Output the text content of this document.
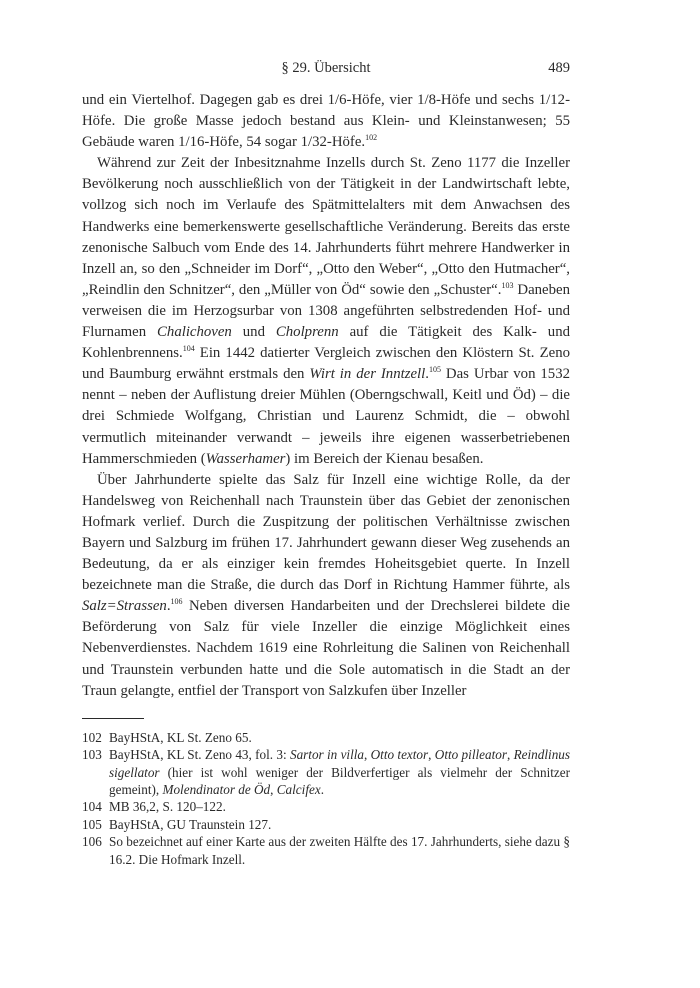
§ 29. Übersicht	489

und ein Viertelhof. Dagegen gab es drei 1/6-Höfe, vier 1/8-Höfe und sechs 1/12-Höfe. Die große Masse jedoch bestand aus Klein- und Kleinstanwesen; 55 Gebäude waren 1/16-Höfe, 54 sogar 1/32-Höfe.$^{102}$

Während zur Zeit der Inbesitznahme Inzells durch St. Zeno 1177 die Inzeller Bevölkerung noch ausschließlich von der Tätigkeit in der Landwirtschaft lebte, vollzog sich noch im Verlaufe des Spätmittelalters mit dem Anwachsen des Handwerks eine bemerkenswerte gesellschaftliche Veränderung. Bereits das erste zenonische Salbuch vom Ende des 14. Jahrhunderts führt mehrere Handwerker in Inzell an, so den „Schneider im Dorf“, „Otto den Weber“, „Otto den Hutmacher“, „Reindlin den Schnitzer“, den „Müller von Öd“ sowie den „Schuster“.$^{103}$ Daneben verweisen die im Herzogsurbar von 1308 angeführten selbstredenden Hof- und Flurnamen Chalichoven und Cholprenn auf die Tätigkeit des Kalk- und Kohlenbrennens.$^{104}$ Ein 1442 datierter Vergleich zwischen den Klöstern St. Zeno und Baumburg erwähnt erstmals den Wirt in der Inntzell.$^{105}$ Das Urbar von 1532 nennt – neben der Auflistung dreier Mühlen (Oberngschwall, Keitl und Öd) – die drei Schmiede Wolfgang, Christian und Laurenz Schmidt, die – obwohl vermutlich miteinander verwandt – jeweils ihre eigenen wasserbetriebenen Hammerschmieden (Wasserhamer) im Bereich der Kienau besaßen.

Über Jahrhunderte spielte das Salz für Inzell eine wichtige Rolle, da der Handelsweg von Reichenhall nach Traunstein über das Gebiet der zenonischen Hofmark verlief. Durch die Zuspitzung der politischen Verhältnisse zwischen Bayern und Salzburg im frühen 17. Jahrhundert gewann dieser Weg zusehends an Bedeutung, da er als einziger kein fremdes Hoheitsgebiet querte. In Inzell bezeichnete man die Straße, die durch das Dorf in Richtung Hammer führte, als Salz=Strassen.$^{106}$ Neben diversen Handarbeiten und der Drechslerei bildete die Beförderung von Salz für viele Inzeller die einzige Möglichkeit eines Nebenverdienstes. Nachdem 1619 eine Rohrleitung die Salinen von Reichenhall und Traunstein verbunden hatte und die Sole automatisch in die Stadt an der Traun gelangte, entfiel der Transport von Salzkufen über Inzeller

102 BayHStA, KL St. Zeno 65.
103 BayHStA, KL St. Zeno 43, fol. 3: Sartor in villa, Otto textor, Otto pilleator, Reindlinus sigellator (hier ist wohl weniger der Bildverfertiger als vielmehr der Schnitzer gemeint), Molendinator de Öd, Calcifex.
104 MB 36,2, S. 120–122.
105 BayHStA, GU Traunstein 127.
106 So bezeichnet auf einer Karte aus der zweiten Hälfte des 17. Jahrhunderts, siehe dazu § 16.2. Die Hofmark Inzell.
